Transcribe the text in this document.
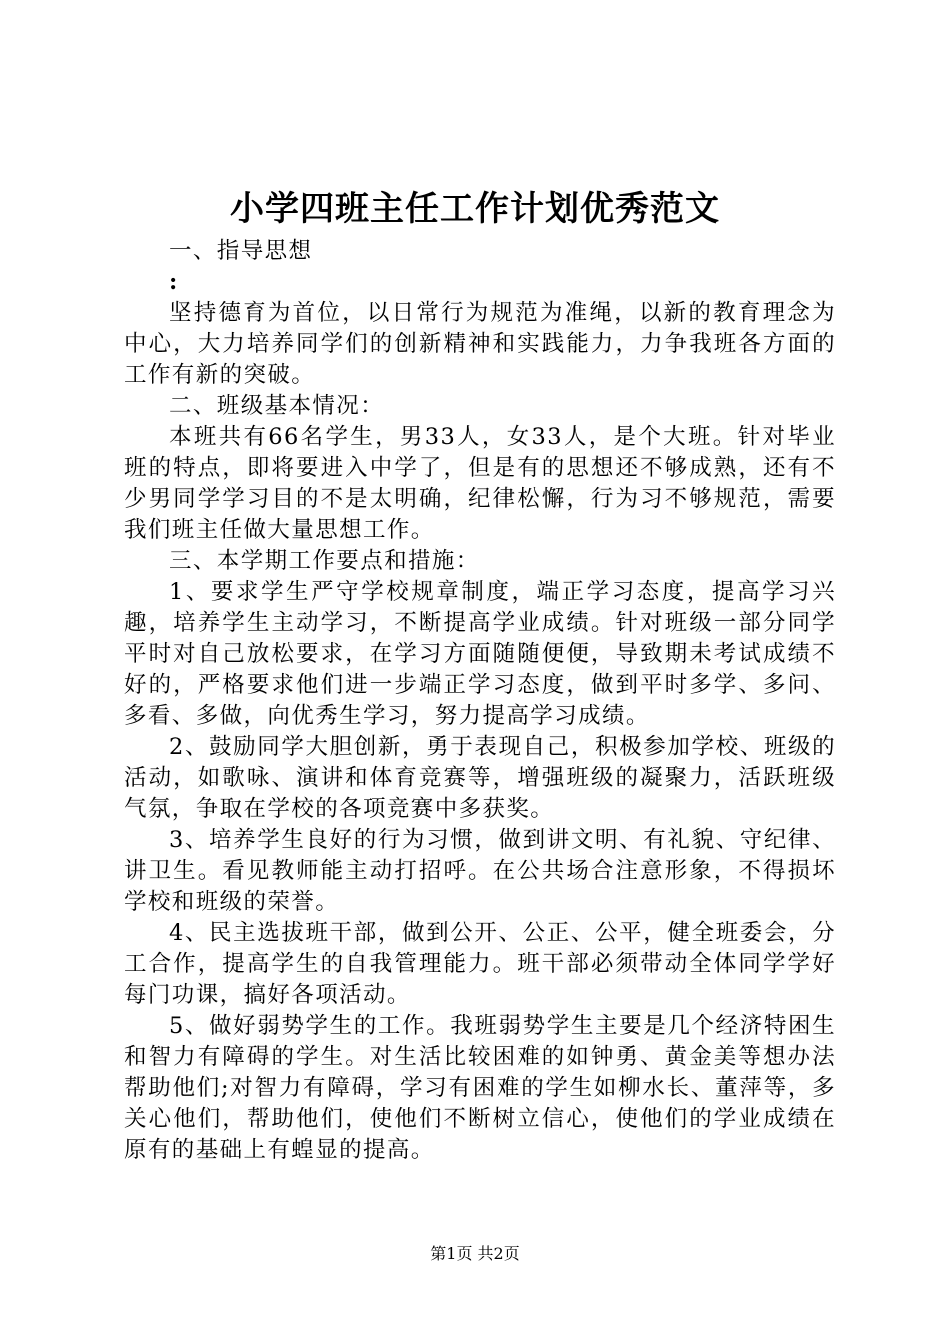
小学四班主任工作计划优秀范文

一、指导思想

:

坚持德育为首位，以日常行为规范为准绳，以新的教育理念为中心，大力培养同学们的创新精神和实践能力，力争我班各方面的工作有新的突破。

二、班级基本情况：

本班共有66名学生，男33人，女33人，是个大班。针对毕业班的特点，即将要进入中学了，但是有的思想还不够成熟，还有不少男同学学习目的不是太明确，纪律松懈，行为习不够规范，需要我们班主任做大量思想工作。

三、本学期工作要点和措施：

1、要求学生严守学校规章制度，端正学习态度，提高学习兴趣，培养学生主动学习，不断提高学业成绩。针对班级一部分同学平时对自己放松要求，在学习方面随随便便，导致期未考试成绩不好的，严格要求他们进一步端正学习态度，做到平时多学、多问、多看、多做，向优秀生学习，努力提高学习成绩。

2、鼓励同学大胆创新，勇于表现自己，积极参加学校、班级的活动，如歌咏、演讲和体育竞赛等，增强班级的凝聚力，活跃班级气氛，争取在学校的各项竞赛中多获奖。

3、培养学生良好的行为习惯，做到讲文明、有礼貌、守纪律、讲卫生。看见教师能主动打招呼。在公共场合注意形象，不得损坏学校和班级的荣誉。

4、民主选拔班干部，做到公开、公正、公平，健全班委会，分工合作，提高学生的自我管理能力。班干部必须带动全体同学学好每门功课，搞好各项活动。

5、做好弱势学生的工作。我班弱势学生主要是几个经济特困生和智力有障碍的学生。对生活比较困难的如钟勇、黄金美等想办法帮助他们;对智力有障碍，学习有困难的学生如柳水长、董萍等，多关心他们，帮助他们，使他们不断树立信心，使他们的学业成绩在原有的基础上有蝗显的提高。

第1页 共2页
